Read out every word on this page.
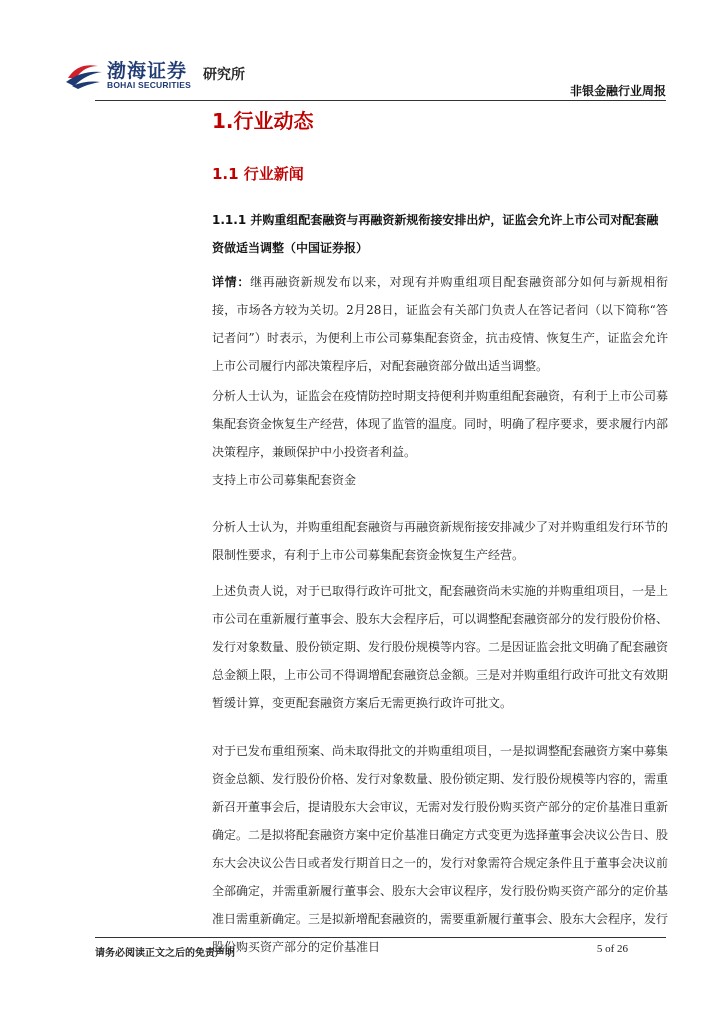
渤海证券
BOHAI SECURITIES
研究所
非银金融行业周报
1.行业动态
1.1 行业新闻
1.1.1 并购重组配套融资与再融资新规衔接安排出炉，证监会允许上市公司对配套融资做适当调整（中国证券报）

详情：继再融资新规发布以来，对现有并购重组项目配套融资部分如何与新规相衔接，市场各方较为关切。2月28日，证监会有关部门负责人在答记者问（以下简称“答记者问”）时表示，为便利上市公司募集配套资金，抗击疫情、恢复生产，证监会允许上市公司履行内部决策程序后，对配套融资部分做出适当调整。

分析人士认为，证监会在疫情防控时期支持便利并购重组配套融资，有利于上市公司募集配套资金恢复生产经营，体现了监管的温度。同时，明确了程序要求，要求履行内部决策程序，兼顾保护中小投资者利益。

支持上市公司募集配套资金

分析人士认为，并购重组配套融资与再融资新规衔接安排减少了对并购重组发行环节的限制性要求，有利于上市公司募集配套资金恢复生产经营。

上述负责人说，对于已取得行政许可批文，配套融资尚未实施的并购重组项目，一是上市公司在重新履行董事会、股东大会程序后，可以调整配套融资部分的发行股份价格、发行对象数量、股份锁定期、发行股份规模等内容。二是因证监会批文明确了配套融资总金额上限，上市公司不得调增配套融资总金额。三是对并购重组行政许可批文有效期暂缓计算，变更配套融资方案后无需更换行政许可批文。

对于已发布重组预案、尚未取得批文的并购重组项目，一是拟调整配套融资方案中募集资金总额、发行股份价格、发行对象数量、股份锁定期、发行股份规模等内容的，需重新召开董事会后，提请股东大会审议，无需对发行股份购买资产部分的定价基准日重新确定。二是拟将配套融资方案中定价基准日确定方式变更为选择董事会决议公告日、股东大会决议公告日或者发行期首日之一的，发行对象需符合规定条件且于董事会决议前全部确定，并需重新履行董事会、股东大会审议程序，发行股份购买资产部分的定价基准日需重新确定。三是拟新增配套融资的，需要重新履行董事会、股东大会程序，发行股份购买资产部分的定价基准日

请务必阅读正文之后的免责声明	5 of 26
